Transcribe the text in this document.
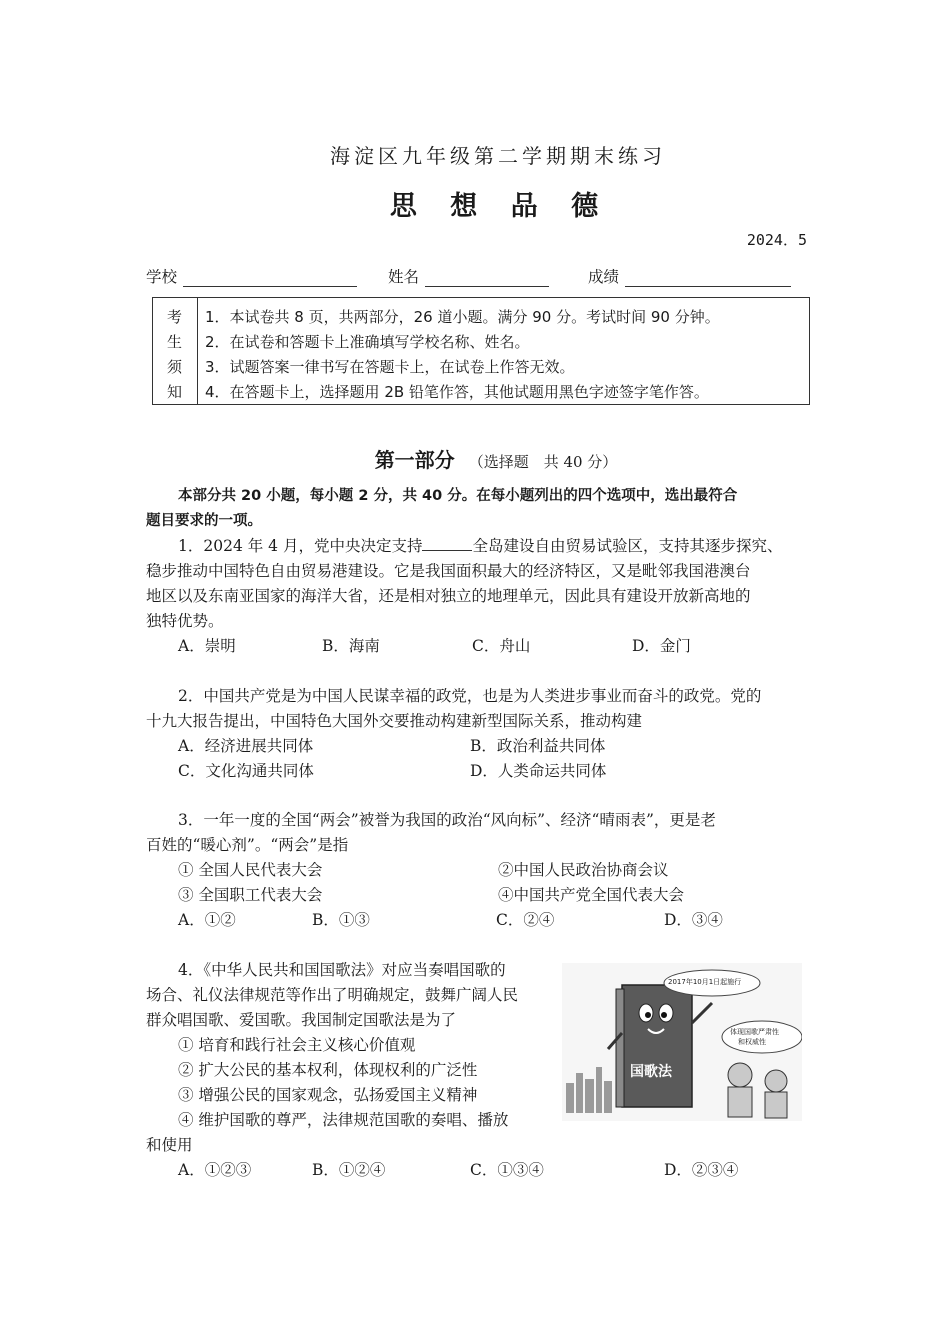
海淀区九年级第二学期期末练习
思 想 品 德
2024．5
学校	姓名	成绩
考
生
须
知
1．本试卷共 8 页，共两部分，26 道小题。满分 90 分。考试时间 90 分钟。
2．在试卷和答题卡上准确填写学校名称、姓名。
3．试题答案一律书写在答题卡上，在试卷上作答无效。
4．在答题卡上，选择题用 2B 铅笔作答，其他试题用黑色字迹签字笔作答。
第一部分 （选择题　共 40 分）
本部分共 20 小题，每小题 2 分，共 40 分。在每小题列出的四个选项中，选出最符合
题目要求的一项。
1．2024 年 4 月，党中央决定支持	全岛建设自由贸易试验区，支持其逐步探究、
稳步推动中国特色自由贸易港建设。它是我国面积最大的经济特区，又是毗邻我国港澳台
地区以及东南亚国家的海洋大省，还是相对独立的地理单元，因此具有建设开放新高地的
独特优势。
A．崇明	B．海南	C．舟山	D．金门
2．中国共产党是为中国人民谋幸福的政党，也是为人类进步事业而奋斗的政党。党的
十九大报告提出，中国特色大国外交要推动构建新型国际关系，推动构建
A．经济进展共同体	B．政治利益共同体
C．文化沟通共同体	D．人类命运共同体
3．一年一度的全国“两会”被誉为我国的政治“风向标”、经济“晴雨表”，更是老
百姓的“暖心剂”。“两会”是指
① 全国人民代表大会	②中国人民政治协商会议
③ 全国职工代表大会	④中国共产党全国代表大会
A．①②	B．①③	C．②④	D．③④
4．《中华人民共和国国歌法》对应当奏唱国歌的
场合、礼仪法律规范等作出了明确规定，鼓舞广阔人民
群众唱国歌、爱国歌。我国制定国歌法是为了
① 培育和践行社会主义核心价值观
② 扩大公民的基本权利，体现权利的广泛性
③ 增强公民的国家观念，弘扬爱国主义精神
④ 维护国歌的尊严，法律规范国歌的奏唱、播放
和使用
A．①②③	B．①②④	C．①③④	D．②③④
国歌法
2017年10月1日起施行
体现国歌严肃性
和权威性
